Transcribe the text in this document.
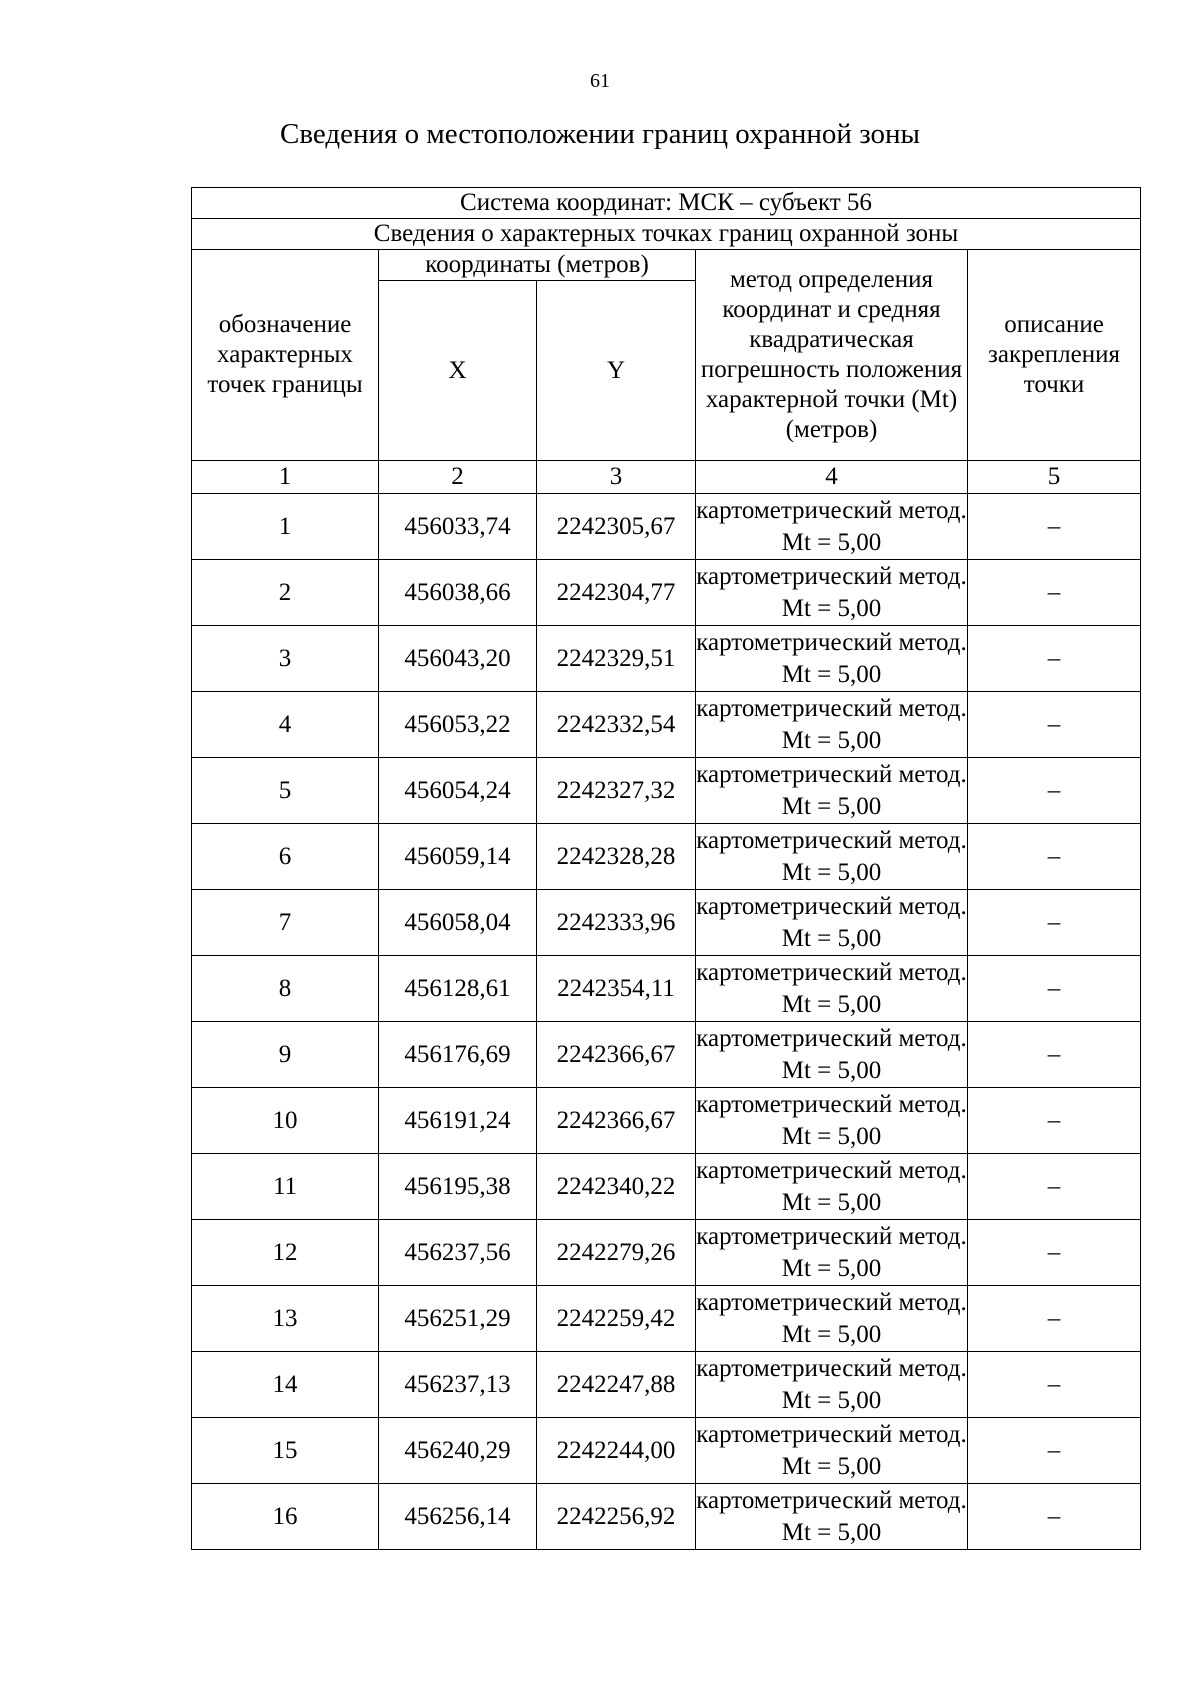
61
Сведения о местоположении границ охранной зоны
Система координат: МСК – субъект 56				
Сведения о характерных точках границ охранной зоны				
обозначение характерных точек границы	координаты (метров)		метод определения координат и средняя квадратическая погрешность положения характерной точки (Mt) (метров)	описание закрепления точки
	X	Y		
1	2	3	4	5
1	456033,74	2242305,67	картометрический метод. Mt = 5,00	–
2	456038,66	2242304,77	картометрический метод. Mt = 5,00	–
3	456043,20	2242329,51	картометрический метод. Mt = 5,00	–
4	456053,22	2242332,54	картометрический метод. Mt = 5,00	–
5	456054,24	2242327,32	картометрический метод. Mt = 5,00	–
6	456059,14	2242328,28	картометрический метод. Mt = 5,00	–
7	456058,04	2242333,96	картометрический метод. Mt = 5,00	–
8	456128,61	2242354,11	картометрический метод. Mt = 5,00	–
9	456176,69	2242366,67	картометрический метод. Mt = 5,00	–
10	456191,24	2242366,67	картометрический метод. Mt = 5,00	–
11	456195,38	2242340,22	картометрический метод. Mt = 5,00	–
12	456237,56	2242279,26	картометрический метод. Mt = 5,00	–
13	456251,29	2242259,42	картометрический метод. Mt = 5,00	–
14	456237,13	2242247,88	картометрический метод. Mt = 5,00	–
15	456240,29	2242244,00	картометрический метод. Mt = 5,00	–
16	456256,14	2242256,92	картометрический метод. Mt = 5,00	–
